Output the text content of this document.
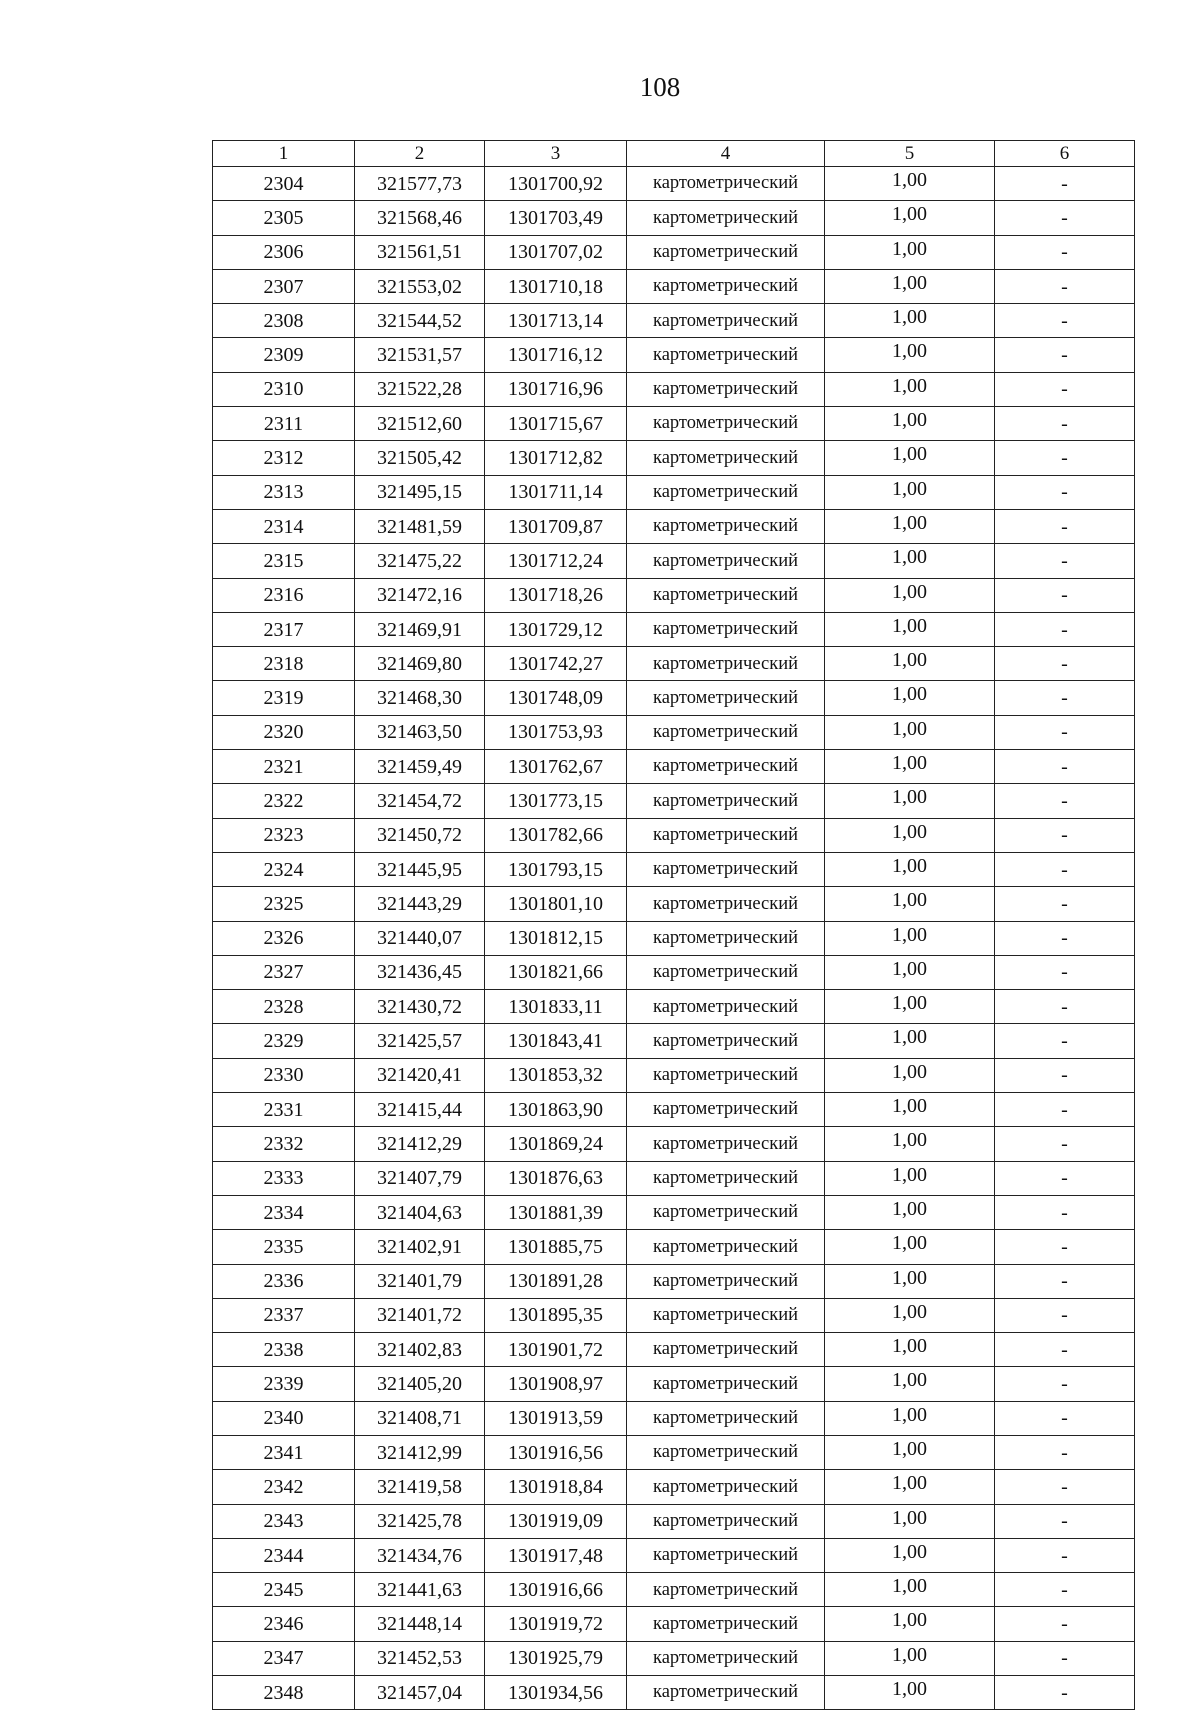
108
1	2	3	4	5	6
2304	321577,73	1301700,92	картометрический	1,00	-
2305	321568,46	1301703,49	картометрический	1,00	-
2306	321561,51	1301707,02	картометрический	1,00	-
2307	321553,02	1301710,18	картометрический	1,00	-
2308	321544,52	1301713,14	картометрический	1,00	-
2309	321531,57	1301716,12	картометрический	1,00	-
2310	321522,28	1301716,96	картометрический	1,00	-
2311	321512,60	1301715,67	картометрический	1,00	-
2312	321505,42	1301712,82	картометрический	1,00	-
2313	321495,15	1301711,14	картометрический	1,00	-
2314	321481,59	1301709,87	картометрический	1,00	-
2315	321475,22	1301712,24	картометрический	1,00	-
2316	321472,16	1301718,26	картометрический	1,00	-
2317	321469,91	1301729,12	картометрический	1,00	-
2318	321469,80	1301742,27	картометрический	1,00	-
2319	321468,30	1301748,09	картометрический	1,00	-
2320	321463,50	1301753,93	картометрический	1,00	-
2321	321459,49	1301762,67	картометрический	1,00	-
2322	321454,72	1301773,15	картометрический	1,00	-
2323	321450,72	1301782,66	картометрический	1,00	-
2324	321445,95	1301793,15	картометрический	1,00	-
2325	321443,29	1301801,10	картометрический	1,00	-
2326	321440,07	1301812,15	картометрический	1,00	-
2327	321436,45	1301821,66	картометрический	1,00	-
2328	321430,72	1301833,11	картометрический	1,00	-
2329	321425,57	1301843,41	картометрический	1,00	-
2330	321420,41	1301853,32	картометрический	1,00	-
2331	321415,44	1301863,90	картометрический	1,00	-
2332	321412,29	1301869,24	картометрический	1,00	-
2333	321407,79	1301876,63	картометрический	1,00	-
2334	321404,63	1301881,39	картометрический	1,00	-
2335	321402,91	1301885,75	картометрический	1,00	-
2336	321401,79	1301891,28	картометрический	1,00	-
2337	321401,72	1301895,35	картометрический	1,00	-
2338	321402,83	1301901,72	картометрический	1,00	-
2339	321405,20	1301908,97	картометрический	1,00	-
2340	321408,71	1301913,59	картометрический	1,00	-
2341	321412,99	1301916,56	картометрический	1,00	-
2342	321419,58	1301918,84	картометрический	1,00	-
2343	321425,78	1301919,09	картометрический	1,00	-
2344	321434,76	1301917,48	картометрический	1,00	-
2345	321441,63	1301916,66	картометрический	1,00	-
2346	321448,14	1301919,72	картометрический	1,00	-
2347	321452,53	1301925,79	картометрический	1,00	-
2348	321457,04	1301934,56	картометрический	1,00	-
